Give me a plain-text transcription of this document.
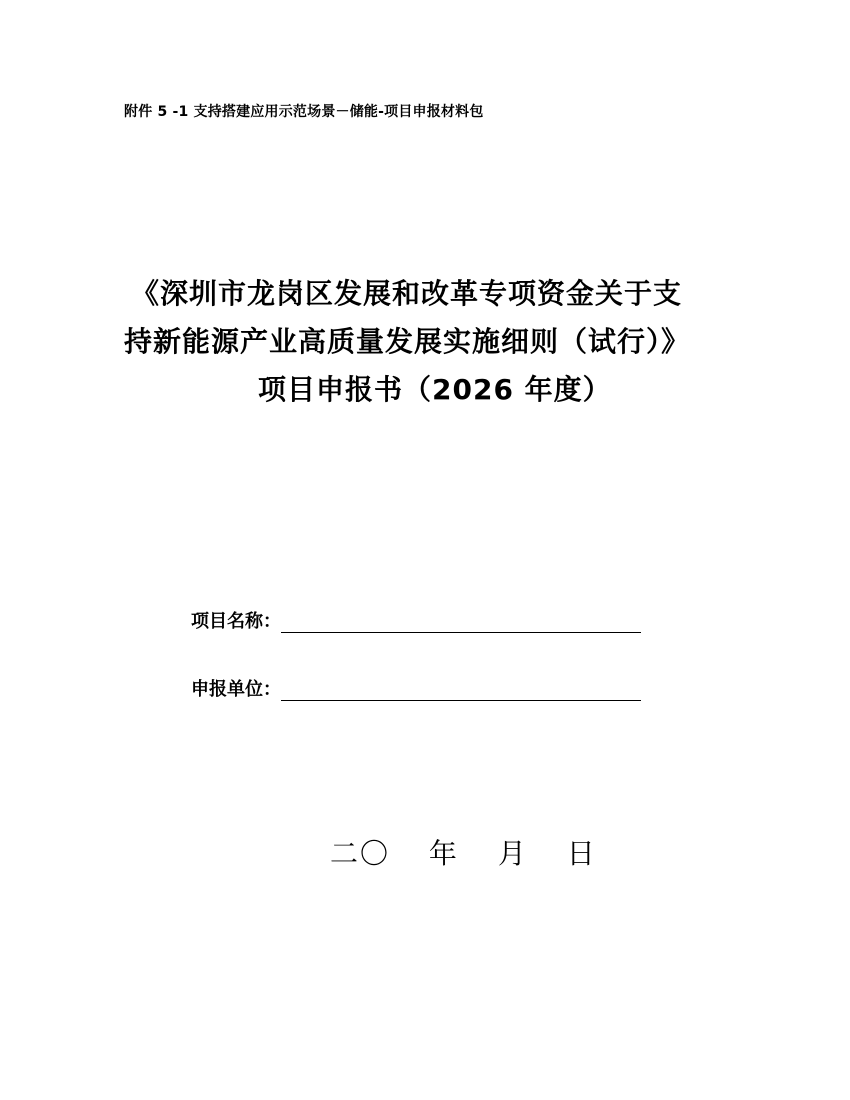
附件 5 -1 支持搭建应用示范场景－储能-项目申报材料包
《深圳市龙岗区发展和改革专项资金关于支
持新能源产业高质量发展实施细则（试行）》
项目申报书（2026 年度）
项目名称：
申报单位：
二〇 年 月 日
